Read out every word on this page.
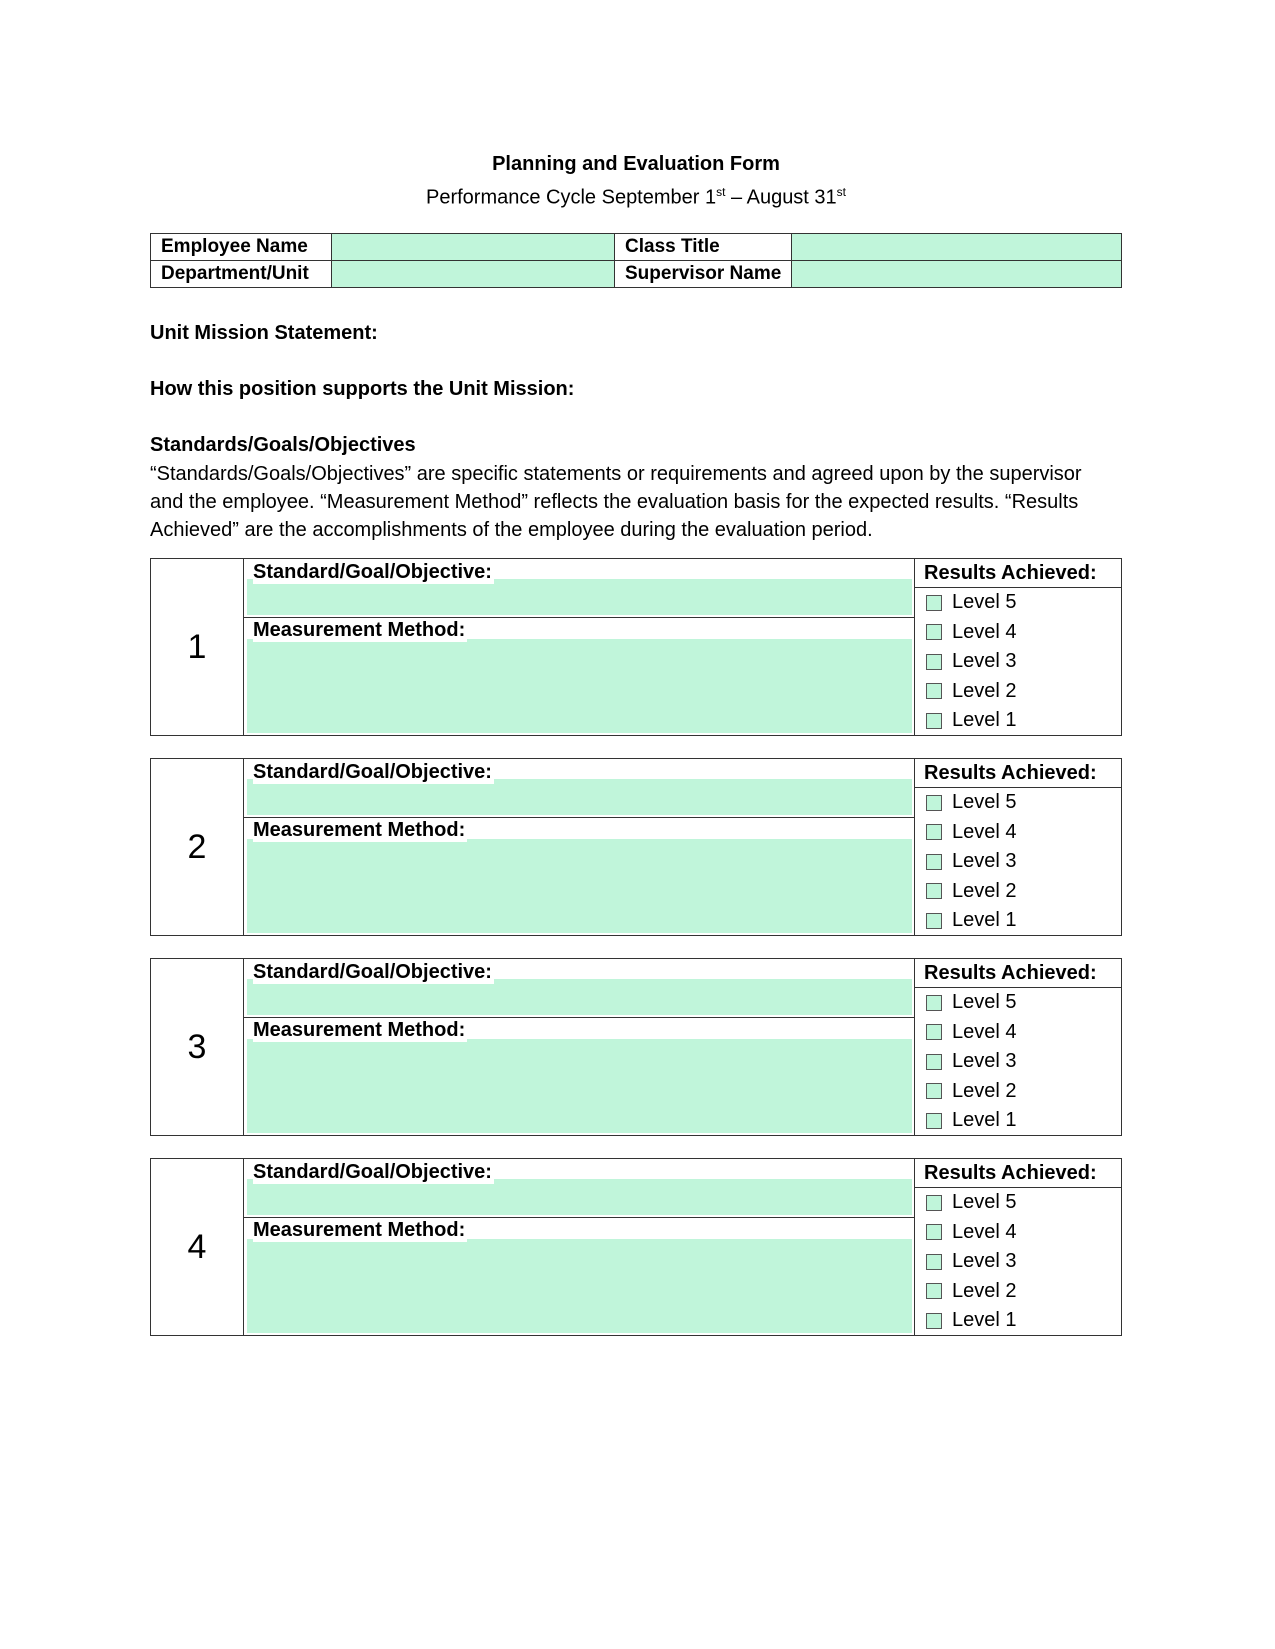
Planning and Evaluation Form
Performance Cycle September 1st – August 31st
Employee Name		Class Title	
Department/Unit		Supervisor Name	
Unit Mission Statement:
How this position supports the Unit Mission:
Standards/Goals/Objectives
“Standards/Goals/Objectives” are specific statements or requirements and agreed upon by the supervisor and the employee. “Measurement Method” reflects the evaluation basis for the expected results. “Results Achieved” are the accomplishments of the employee during the evaluation period.
1
Standard/Goal/Objective:
Measurement Method:
Results Achieved:
Level 5
Level 4
Level 3
Level 2
Level 1
2
Standard/Goal/Objective:
Measurement Method:
Results Achieved:
Level 5
Level 4
Level 3
Level 2
Level 1
3
Standard/Goal/Objective:
Measurement Method:
Results Achieved:
Level 5
Level 4
Level 3
Level 2
Level 1
4
Standard/Goal/Objective:
Measurement Method:
Results Achieved:
Level 5
Level 4
Level 3
Level 2
Level 1
